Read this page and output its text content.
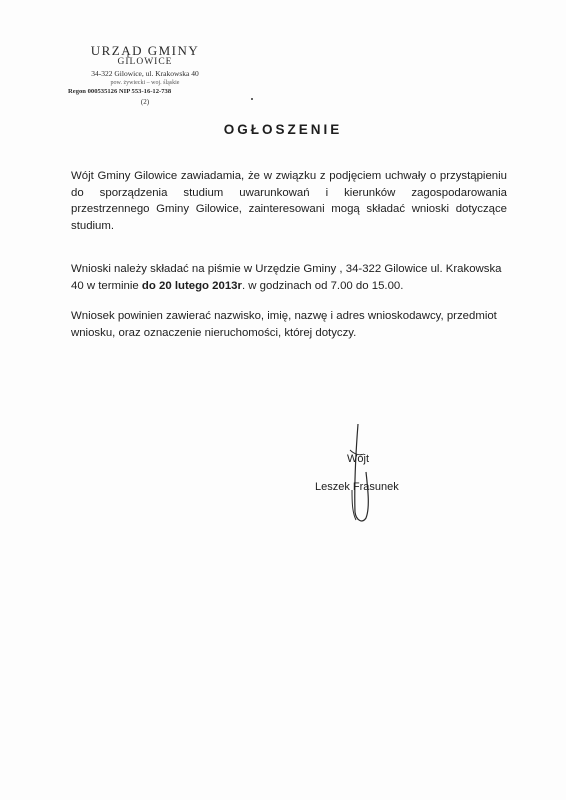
URZĄD GMINY
GILOWICE
34-322 Gilowice, ul. Krakowska 40
pow. żywiecki – woj. śląskie
Regon 000535126 NIP 553-16-12-738
(2)
OGŁOSZENIE
Wójt Gminy Gilowice zawiadamia, że w związku z podjęciem uchwały o przystąpieniu do sporządzenia studium uwarunkowań i kierunków zagospodarowania przestrzennego Gminy Gilowice, zainteresowani mogą składać wnioski dotyczące studium.
Wnioski należy składać na piśmie w Urzędzie Gminy , 34-322 Gilowice ul. Krakowska 40 w terminie do 20 lutego 2013r. w godzinach od 7.00 do 15.00.
Wniosek powinien zawierać nazwisko, imię, nazwę i adres wnioskodawcy, przedmiot wniosku, oraz oznaczenie nieruchomości, której dotyczy.
Wójt
Leszek Frasunek
